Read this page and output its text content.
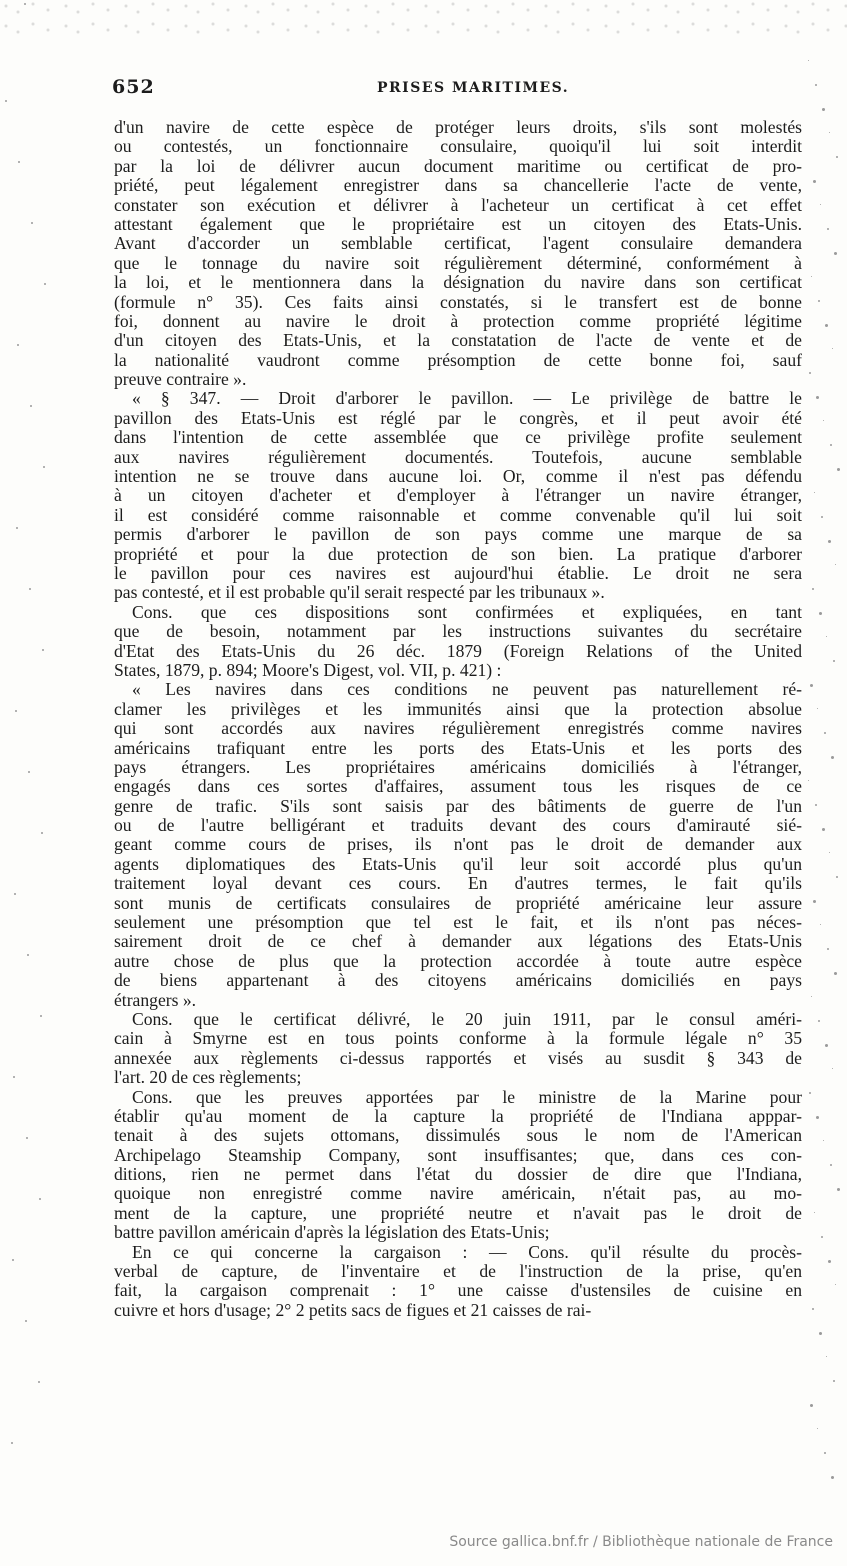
652	PRISES MARITIMES.
d'un navire de cette espèce de protéger leurs droits, s'ils sont molestés
ou contestés, un fonctionnaire consulaire, quoiqu'il lui soit interdit
par la loi de délivrer aucun document maritime ou certificat de pro-
priété, peut légalement enregistrer dans sa chancellerie l'acte de vente,
constater son exécution et délivrer à l'acheteur un certificat à cet effet
attestant également que le propriétaire est un citoyen des Etats-Unis.
Avant d'accorder un semblable certificat, l'agent consulaire demandera
que le tonnage du navire soit régulièrement déterminé, conformément à
la loi, et le mentionnera dans la désignation du navire dans son certificat
(formule n° 35). Ces faits ainsi constatés, si le transfert est de bonne
foi, donnent au navire le droit à protection comme propriété légitime
d'un citoyen des Etats-Unis, et la constatation de l'acte de vente et de
la nationalité vaudront comme présomption de cette bonne foi, sauf
preuve contraire ».
« § 347. — Droit d'arborer le pavillon. — Le privilège de battre le
pavillon des Etats-Unis est réglé par le congrès, et il peut avoir été
dans l'intention de cette assemblée que ce privilège profite seulement
aux navires régulièrement documentés. Toutefois, aucune semblable
intention ne se trouve dans aucune loi. Or, comme il n'est pas défendu
à un citoyen d'acheter et d'employer à l'étranger un navire étranger,
il est considéré comme raisonnable et comme convenable qu'il lui soit
permis d'arborer le pavillon de son pays comme une marque de sa
propriété et pour la due protection de son bien. La pratique d'arborer
le pavillon pour ces navires est aujourd'hui établie. Le droit ne sera
pas contesté, et il est probable qu'il serait respecté par les tribunaux ».
Cons. que ces dispositions sont confirmées et expliquées, en tant
que de besoin, notamment par les instructions suivantes du secrétaire
d'Etat des Etats-Unis du 26 déc. 1879 (Foreign Relations of the United
States, 1879, p. 894; Moore's Digest, vol. VII, p. 421) :
« Les navires dans ces conditions ne peuvent pas naturellement ré-
clamer les privilèges et les immunités ainsi que la protection absolue
qui sont accordés aux navires régulièrement enregistrés comme navires
américains trafiquant entre les ports des Etats-Unis et les ports des
pays étrangers. Les propriétaires américains domiciliés à l'étranger,
engagés dans ces sortes d'affaires, assument tous les risques de ce
genre de trafic. S'ils sont saisis par des bâtiments de guerre de l'un
ou de l'autre belligérant et traduits devant des cours d'amirauté sié-
geant comme cours de prises, ils n'ont pas le droit de demander aux
agents diplomatiques des Etats-Unis qu'il leur soit accordé plus qu'un
traitement loyal devant ces cours. En d'autres termes, le fait qu'ils
sont munis de certificats consulaires de propriété américaine leur assure
seulement une présomption que tel est le fait, et ils n'ont pas néces-
sairement droit de ce chef à demander aux légations des Etats-Unis
autre chose de plus que la protection accordée à toute autre espèce
de biens appartenant à des citoyens américains domiciliés en pays
étrangers ».
Cons. que le certificat délivré, le 20 juin 1911, par le consul améri-
cain à Smyrne est en tous points conforme à la formule légale n° 35
annexée aux règlements ci-dessus rapportés et visés au susdit § 343 de
l'art. 20 de ces règlements;
Cons. que les preuves apportées par le ministre de la Marine pour
établir qu'au moment de la capture la propriété de l'Indiana apppar-
tenait à des sujets ottomans, dissimulés sous le nom de l'American
Archipelago Steamship Company, sont insuffisantes; que, dans ces con-
ditions, rien ne permet dans l'état du dossier de dire que l'Indiana,
quoique non enregistré comme navire américain, n'était pas, au mo-
ment de la capture, une propriété neutre et n'avait pas le droit de
battre pavillon américain d'après la législation des Etats-Unis;
En ce qui concerne la cargaison : — Cons. qu'il résulte du procès-
verbal de capture, de l'inventaire et de l'instruction de la prise, qu'en
fait, la cargaison comprenait : 1° une caisse d'ustensiles de cuisine en
cuivre et hors d'usage; 2° 2 petits sacs de figues et 21 caisses de rai-
Source gallica.bnf.fr / Bibliothèque nationale de France
